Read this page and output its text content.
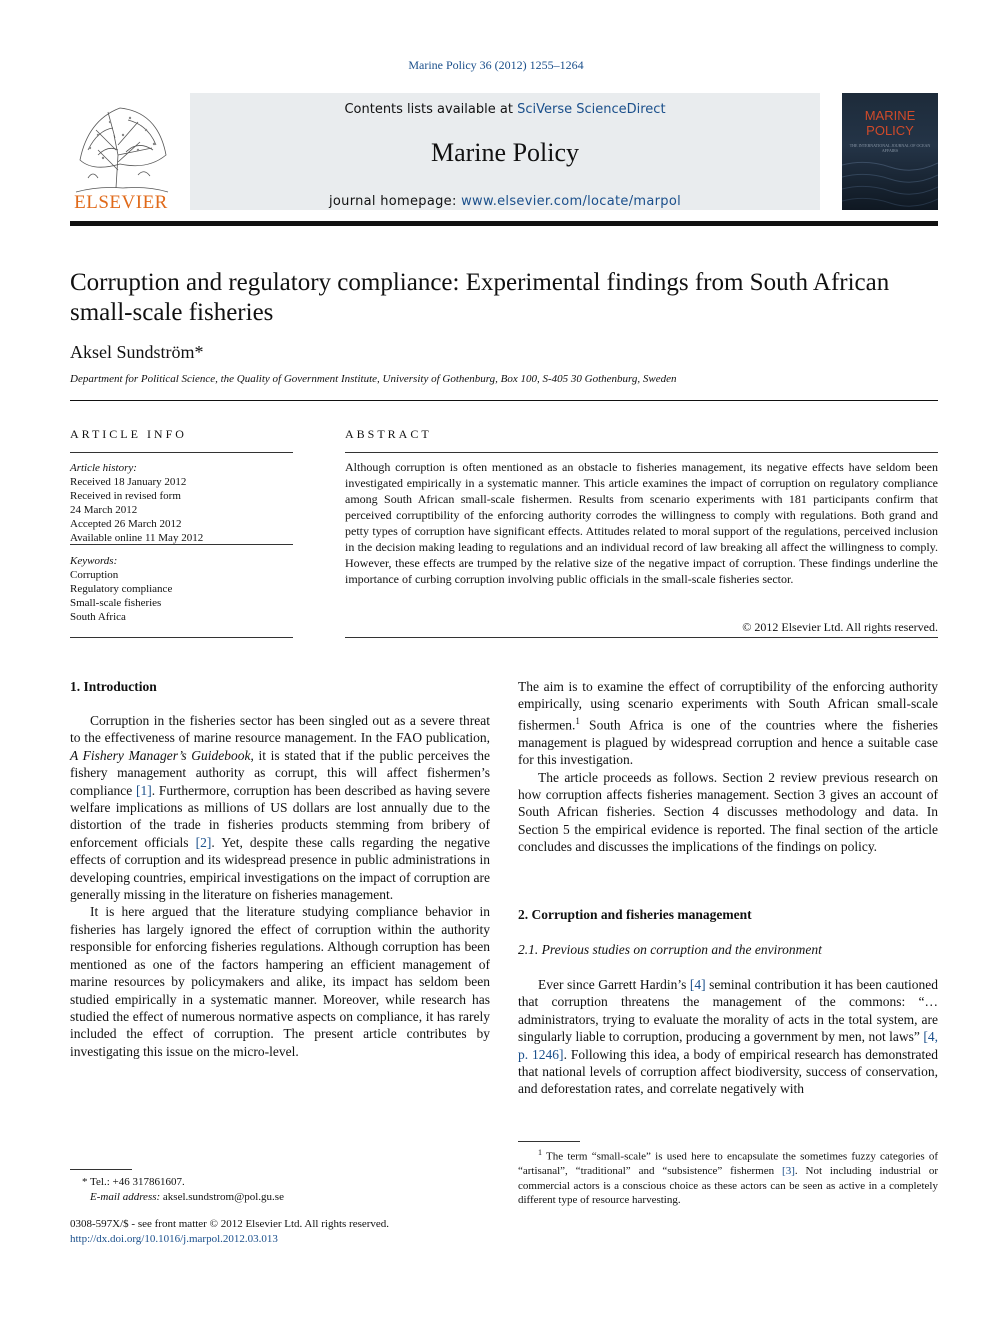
Marine Policy 36 (2012) 1255–1264
ELSEVIER
Contents lists available at SciVerse ScienceDirect
Marine Policy
journal homepage: www.elsevier.com/locate/marpol
MARINE POLICY
THE INTERNATIONAL JOURNAL OF OCEAN AFFAIRS
Corruption and regulatory compliance: Experimental findings from South African small-scale fisheries
Aksel Sundström*
Department for Political Science, the Quality of Government Institute, University of Gothenburg, Box 100, S-405 30 Gothenburg, Sweden
ARTICLE INFO
Article history:
Received 18 January 2012
Received in revised form
24 March 2012
Accepted 26 March 2012
Available online 11 May 2012
Keywords:
Corruption
Regulatory compliance
Small-scale fisheries
South Africa
ABSTRACT
Although corruption is often mentioned as an obstacle to fisheries management, its negative effects have seldom been investigated empirically in a systematic manner. This article examines the impact of corruption on regulatory compliance among South African small-scale fishermen. Results from scenario experiments with 181 participants confirm that perceived corruptibility of the enforcing authority corrodes the willingness to comply with regulations. Both grand and petty types of corruption have significant effects. Attitudes related to moral support of the regulations, perceived inclusion in the decision making leading to regulations and an individual record of law breaking all affect the willingness to comply. However, these effects are trumped by the relative size of the negative impact of corruption. These findings underline the importance of curbing corruption involving public officials in the small-scale fisheries sector.
© 2012 Elsevier Ltd. All rights reserved.
1. Introduction

Corruption in the fisheries sector has been singled out as a severe threat to the effectiveness of marine resource management. In the FAO publication, A Fishery Manager’s Guidebook, it is stated that if the public perceives the fishery management authority as corrupt, this will affect fishermen’s compliance [1]. Furthermore, corruption has been described as having severe welfare implications as millions of US dollars are lost annually due to the distortion of the trade in fisheries products stemming from bribery of enforcement officials [2]. Yet, despite these calls regarding the negative effects of corruption and its widespread presence in public administrations in developing countries, empirical investigations on the impact of corruption are generally missing in the literature on fisheries management.

It is here argued that the literature studying compliance behavior in fisheries has largely ignored the effect of corruption within the authority responsible for enforcing fisheries regulations. Although corruption has been mentioned as one of the factors hampering an efficient management of marine resources by policymakers and alike, its impact has seldom been studied empirically in a systematic manner. Moreover, while research has studied the effect of numerous normative aspects on compliance, it has rarely included the effect of corruption. The present article contributes by investigating this issue on the micro-level.

The aim is to examine the effect of corruptibility of the enforcing authority empirically, using scenario experiments with South African small-scale fishermen.$^1$ South Africa is one of the countries where the fisheries management is plagued by widespread corruption and hence a suitable case for this investigation.

The article proceeds as follows. Section 2 review previous research on how corruption affects fisheries management. Section 3 gives an account of South African fisheries. Section 4 discusses methodology and data. In Section 5 the empirical evidence is reported. The final section of the article concludes and discusses the implications of the findings on policy.

2. Corruption and fisheries management
2.1. Previous studies on corruption and the environment

Ever since Garrett Hardin’s [4] seminal contribution it has been cautioned that corruption threatens the management of the commons: “…administrators, trying to evaluate the morality of acts in the total system, are singularly liable to corruption, producing a government by men, not laws” [4, p. 1246]. Following this idea, a body of empirical research has demonstrated that national levels of corruption affect biodiversity, success of conservation, and deforestation rates, and correlate negatively with

* Tel.: +46 317861607.
E-mail address: aksel.sundstrom@pol.gu.se
$^1$ The term “small-scale” is used here to encapsulate the sometimes fuzzy categories of “artisanal”, “traditional” and “subsistence” fishermen [3]. Not including industrial or commercial actors is a conscious choice as these actors can be seen as active in a completely different type of resource harvesting.
0308-597X/$ - see front matter © 2012 Elsevier Ltd. All rights reserved.
http://dx.doi.org/10.1016/j.marpol.2012.03.013
